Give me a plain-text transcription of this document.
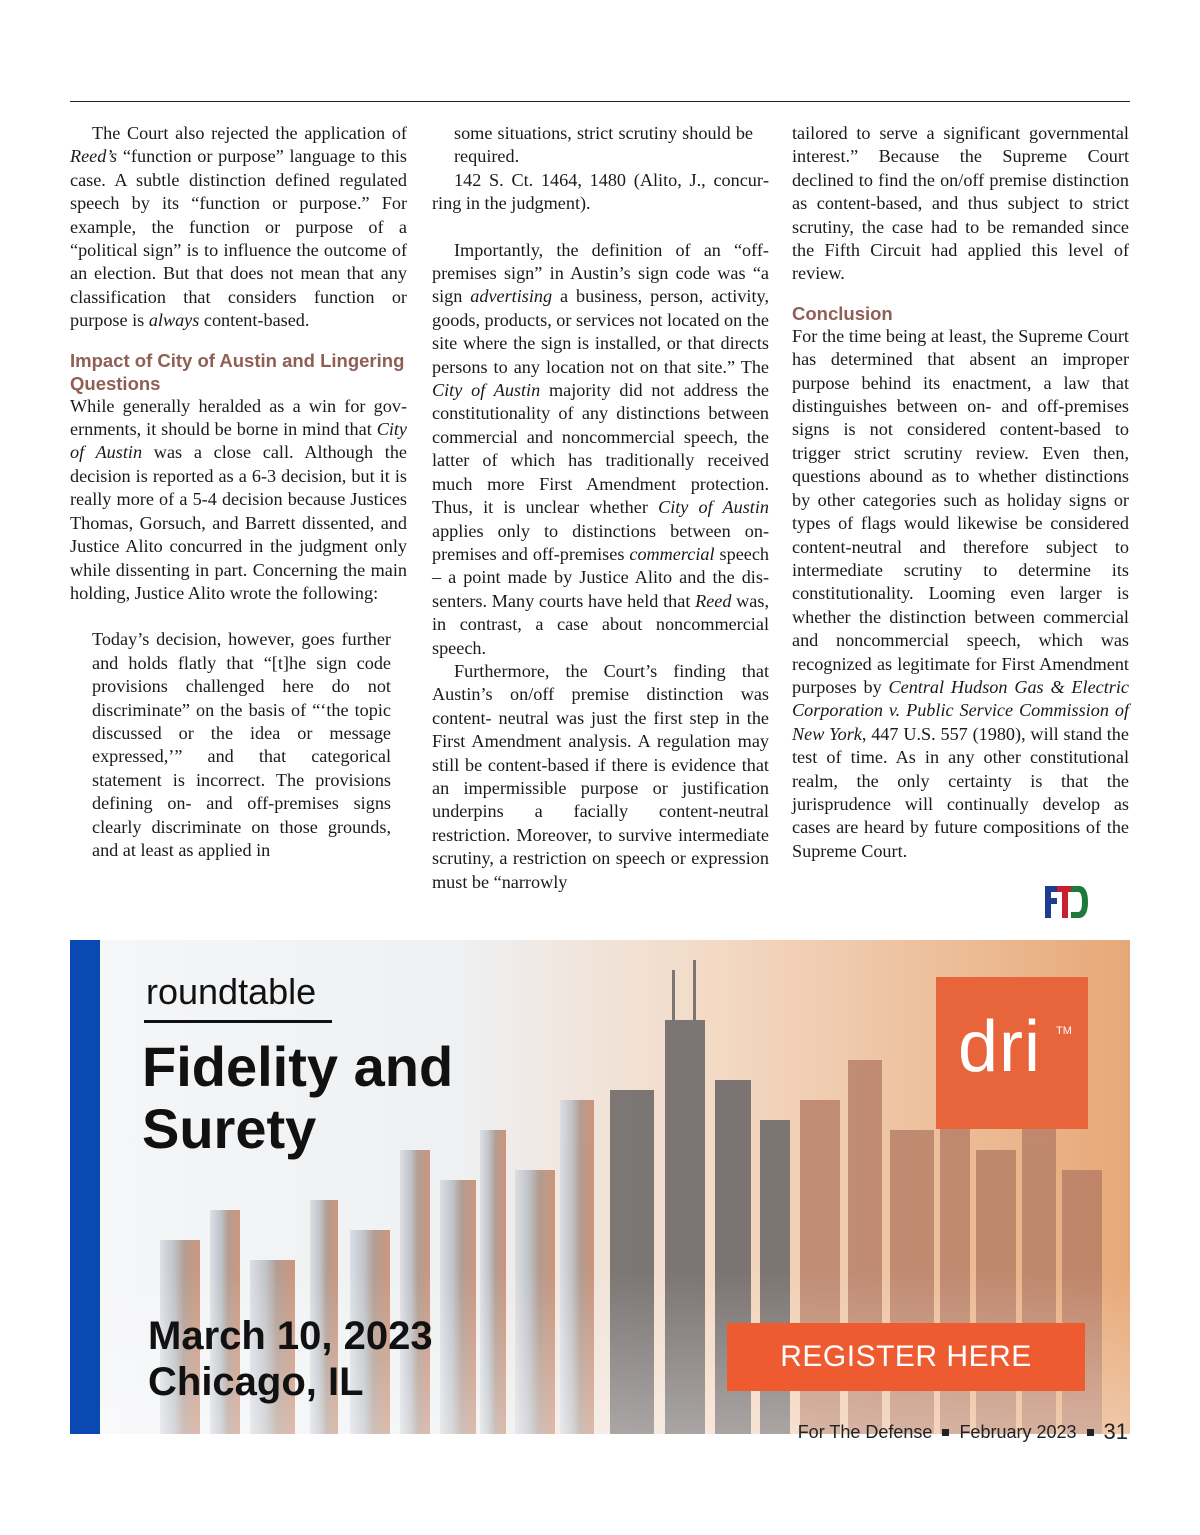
The Court also rejected the application of Reed’s “function or purpose” language to this case. A subtle distinction defined regulated speech by its “function or purpose.” For example, the function or purpose of a “political sign” is to influence the outcome of an election. But that does not mean that any classification that considers function or purpose is always content-based.

Impact of City of Austin and Lingering Questions

While generally heralded as a win for governments, it should be borne in mind that City of Austin was a close call. Although the decision is reported as a 6-3 decision, but it is really more of a 5-4 decision because Justices Thomas, Gorsuch, and Barrett dissented, and Justice Alito concurred in the judgment only while dissenting in part. Concerning the main holding, Justice Alito wrote the following:

Today’s decision, however, goes further and holds flatly that “[t]he sign code provisions challenged here do not discriminate” on the basis of “‘the topic discussed or the idea or message expressed,’” and that categorical statement is incorrect. The provisions defining on- and off-premises signs clearly discriminate on those grounds, and at least as applied in

some situations, strict scrutiny should be required.

142 S. Ct. 1464, 1480 (Alito, J., concurring in the judgment).

Importantly, the definition of an “off-premises sign” in Austin’s sign code was “a sign advertising a business, person, activity, goods, products, or services not located on the site where the sign is installed, or that directs persons to any location not on that site.” The City of Austin majority did not address the constitutionality of any distinctions between commercial and noncommercial speech, the latter of which has traditionally received much more First Amendment protection. Thus, it is unclear whether City of Austin applies only to distinctions between on- premises and off-premises commercial speech – a point made by Justice Alito and the dissenters. Many courts have held that Reed was, in contrast, a case about noncommercial speech.

Furthermore, the Court’s finding that Austin’s on/off premise distinction was content- neutral was just the first step in the First Amendment analysis. A regulation may still be content-based if there is evidence that an impermissible purpose or justification underpins a facially content-neutral restriction. Moreover, to survive intermediate scrutiny, a restriction on speech or expression must be “narrowly

tailored to serve a significant governmental interest.” Because the Supreme Court declined to find the on/off premise distinction as content-based, and thus subject to strict scrutiny, the case had to be remanded since the Fifth Circuit had applied this level of review.

Conclusion

For the time being at least, the Supreme Court has determined that absent an improper purpose behind its enactment, a law that distinguishes between on- and off-premises signs is not considered content-based to trigger strict scrutiny review. Even then, questions abound as to whether distinctions by other categories such as holiday signs or types of flags would likewise be considered content-neutral and therefore subject to intermediate scrutiny to determine its constitutionality. Looming even larger is whether the distinction between commercial and noncommercial speech, which was recognized as legitimate for First Amendment purposes by Central Hudson Gas & Electric Corporation v. Public Service Commission of New York, 447 U.S. 557 (1980), will stand the test of time. As in any other constitutional realm, the only certainty is that the jurisprudence will continually develop as cases are heard by future compositions of the Supreme Court.

roundtable
Fidelity and
Surety
March 10, 2023
Chicago, IL
dri TM
REGISTER HERE
For The Defense February 2023 31
